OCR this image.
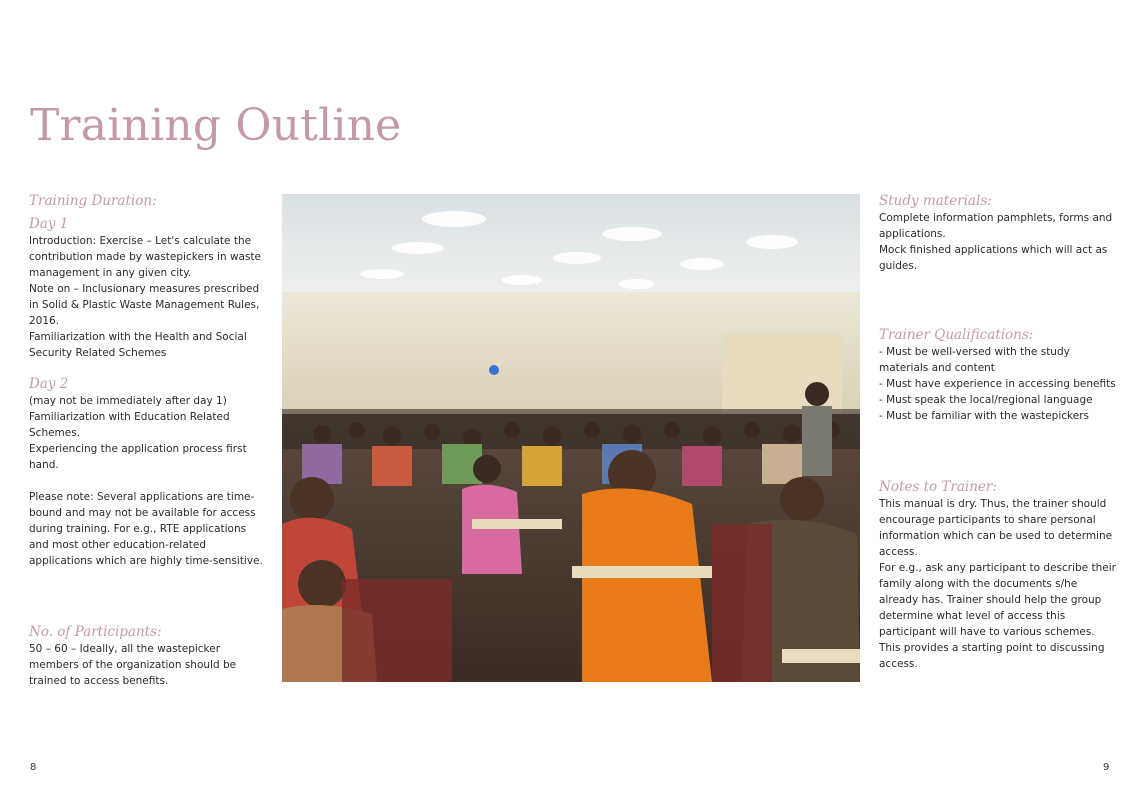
Training Outline

Training Duration:

Day 1

Introduction: Exercise – Let's calculate the contribution made by wastepickers in waste management in any given city.

Note on – Inclusionary measures prescribed in Solid & Plastic Waste Management Rules, 2016.

Familiarization with the Health and Social Security Related Schemes

Day 2

(may not be immediately after day 1)

Familiarization with Education Related Schemes.

Experiencing the application process first hand.

Please note: Several applications are time-bound and may not be available for access during training. For e.g., RTE applications and most other education-related applications which are highly time-sensitive.

No. of Participants:

50 – 60 – Ideally, all the wastepicker members of the organization should be trained to access benefits.

Study materials:

Complete information pamphlets, forms and applications.

Mock finished applications which will act as guides.

Trainer Qualifications:

- Must be well-versed with the study materials and content

- Must have experience in accessing benefits

- Must speak the local/regional language

- Must be familiar with the wastepickers

Notes to Trainer:

This manual is dry. Thus, the trainer should encourage participants to share personal information which can be used to determine access.

For e.g., ask any participant to describe their family along with the documents s/he already has. Trainer should help the group determine what level of access this participant will have to various schemes. This provides a starting point to discussing access.

8	9
